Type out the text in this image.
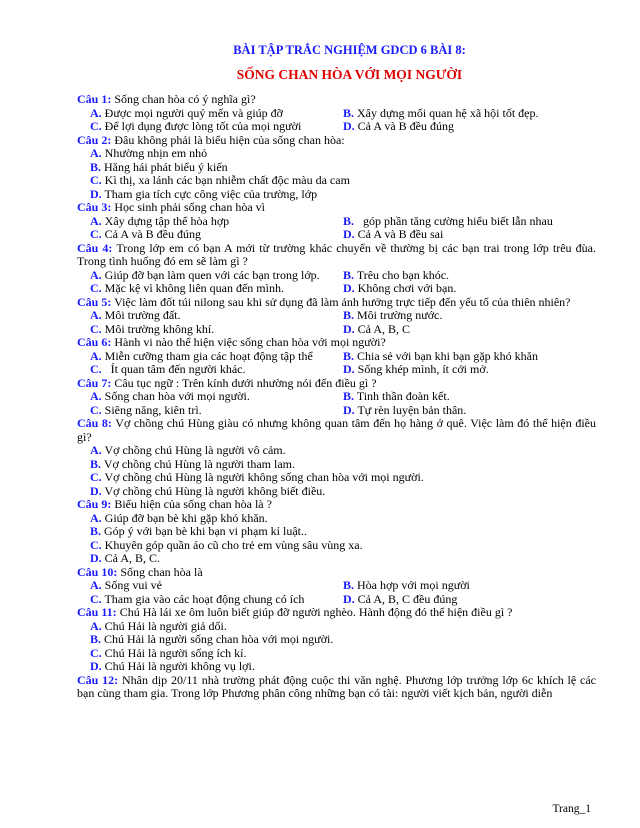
BÀI TẬP TRẮC NGHIỆM GDCD 6 BÀI 8:
SỐNG CHAN HÒA VỚI MỌI NGƯỜI
Câu 1: Sống chan hòa có ý nghĩa gì?
A. Được mọi người quý mến và giúp đỡ	B. Xây dựng mối quan hệ xã hội tốt đẹp.
C. Để lợi dụng được lòng tốt của mọi người	D. Cả A và B đều đúng
Câu 2: Đâu không phải là biểu hiện của sống chan hòa:
A. Nhường nhịn em nhỏ
B. Hăng hái phát biểu ý kiến
C. Kì thị, xa lánh các bạn nhiễm chất độc màu da cam
D. Tham gia tích cực công việc của trường, lớp
Câu 3: Học sinh phải sống chan hòa vì
A. Xây dựng tập thể hòa hợp	B.   góp phần tăng cường hiểu biết lẫn nhau
C. Cả A và B đều đúng	D. Cả A và B đều sai
Câu 4: Trong lớp em có bạn A mới từ trường khác chuyển về thường bị các bạn trai trong lớp trêu đùa. Trong tình huống đó em sẽ làm gì ?
A. Giúp đỡ bạn làm quen với các bạn trong lớp.	B. Trêu cho bạn khóc.
C. Mặc kệ vì không liên quan đến mình.	D. Không chơi với bạn.
Câu 5: Việc làm đốt túi nilong sau khi sử dụng đã làm ảnh hưởng trực tiếp đến yếu tố của thiên nhiên?
A. Môi trường đất.	B. Môi trường nước.
C. Môi trường không khí.	D. Cả A, B, C
Câu 6: Hành vi nào thể hiện việc sống chan hòa với mọi người?
A. Miễn cưỡng tham gia các hoạt động tập thể	B. Chia sẻ với bạn khi bạn gặp khó khăn
C.   Ít quan tâm đến người khác.	D. Sống khép mình, ít cởi mở.
Câu 7: Câu tục ngữ : Trên kính dưới nhường nói đến điều gì ?
A. Sống chan hòa với mọi người.	B. Tinh thần đoàn kết.
C. Siêng năng, kiên trì.	D. Tự rèn luyện bản thân.
Câu 8: Vợ chồng chú Hùng giàu có nhưng không quan tâm đến họ hàng ở quê. Việc làm đó thể hiện điều gì?
A. Vợ chồng chú Hùng là người vô cảm.
B. Vợ chồng chú Hùng là người tham lam.
C. Vợ chồng chú Hùng là người không sống chan hòa với mọi người.
D. Vợ chồng chú Hùng là người không biết điều.
Câu 9: Biểu hiện của sống chan hòa là ?
A. Giúp đỡ bạn bè khi gặp khó khăn.
B. Góp ý với bạn bè khi bạn vi phạm kỉ luật..
C. Khuyên góp quần áo cũ cho trẻ em vùng sâu vùng xa.
D. Cả A, B, C.
Câu 10: Sống chan hòa là
A. Sống vui vẻ	B. Hòa hợp với mọi người
C. Tham gia vào các hoạt động chung có ích	D. Cả A, B, C đều đúng
Câu 11: Chú Hà lái xe ôm luôn biết giúp đỡ người nghèo. Hành động đó thể hiện điều gì ?
A. Chú Hải là người giả dối.
B. Chú Hải là người sống chan hòa với mọi người.
C. Chú Hải là người sống ích kỉ.
D. Chú Hải là người không vụ lợi.
Câu 12: Nhân dịp 20/11 nhà trường phát động cuộc thi văn nghệ. Phương lớp trưởng lớp 6c khích lệ các bạn cùng tham gia. Trong lớp Phương phân công những bạn có tài: người viết kịch bản, người diễn
Trang_1
